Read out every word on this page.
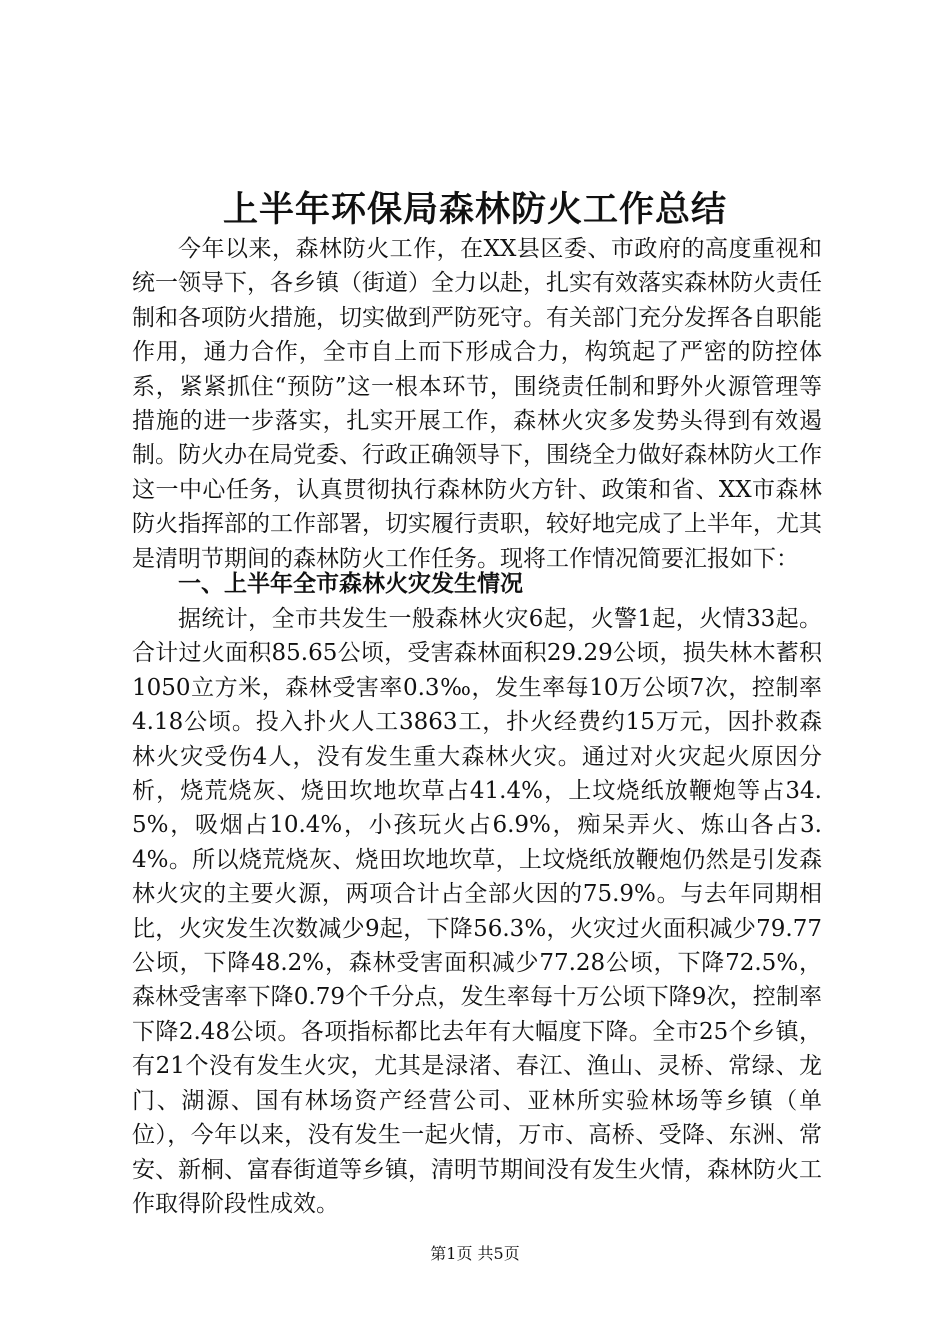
上半年环保局森林防火工作总结

今年以来，森林防火工作，在XX县区委、市政府的高度重视和统一领导下，各乡镇（街道）全力以赴，扎实有效落实森林防火责任制和各项防火措施，切实做到严防死守。有关部门充分发挥各自职能作用，通力合作，全市自上而下形成合力，构筑起了严密的防控体系，紧紧抓住“预防”这一根本环节，围绕责任制和野外火源管理等措施的进一步落实，扎实开展工作，森林火灾多发势头得到有效遏制。防火办在局党委、行政正确领导下，围绕全力做好森林防火工作这一中心任务，认真贯彻执行森林防火方针、政策和省、XX市森林防火指挥部的工作部署，切实履行责职，较好地完成了上半年，尤其是清明节期间的森林防火工作任务。现将工作情况简要汇报如下：

一、上半年全市森林火灾发生情况

据统计，全市共发生一般森林火灾6起，火警1起，火情33起。合计过火面积85.65公顷，受害森林面积29.29公顷，损失林木蓄积1050立方米，森林受害率0.3‰，发生率每10万公顷7次，控制率4.18公顷。投入扑火人工3863工，扑火经费约15万元，因扑救森林火灾受伤4人，没有发生重大森林火灾。通过对火灾起火原因分析，烧荒烧灰、烧田坎地坎草占41.4%，上坟烧纸放鞭炮等占34.5%，吸烟占10.4%，小孩玩火占6.9%，痴呆弄火、炼山各占3.4%。所以烧荒烧灰、烧田坎地坎草，上坟烧纸放鞭炮仍然是引发森林火灾的主要火源，两项合计占全部火因的75.9%。与去年同期相比，火灾发生次数减少9起，下降56.3%，火灾过火面积减少79.77公顷，下降48.2%，森林受害面积减少77.28公顷，下降72.5%，森林受害率下降0.79个千分点，发生率每十万公顷下降9次，控制率下降2.48公顷。各项指标都比去年有大幅度下降。全市25个乡镇，有21个没有发生火灾，尤其是渌渚、春江、渔山、灵桥、常绿、龙门、湖源、国有林场资产经营公司、亚林所实验林场等乡镇（单位），今年以来，没有发生一起火情，万市、高桥、受降、东洲、常安、新桐、富春街道等乡镇，清明节期间没有发生火情，森林防火工作取得阶段性成效。

第1页 共5页
